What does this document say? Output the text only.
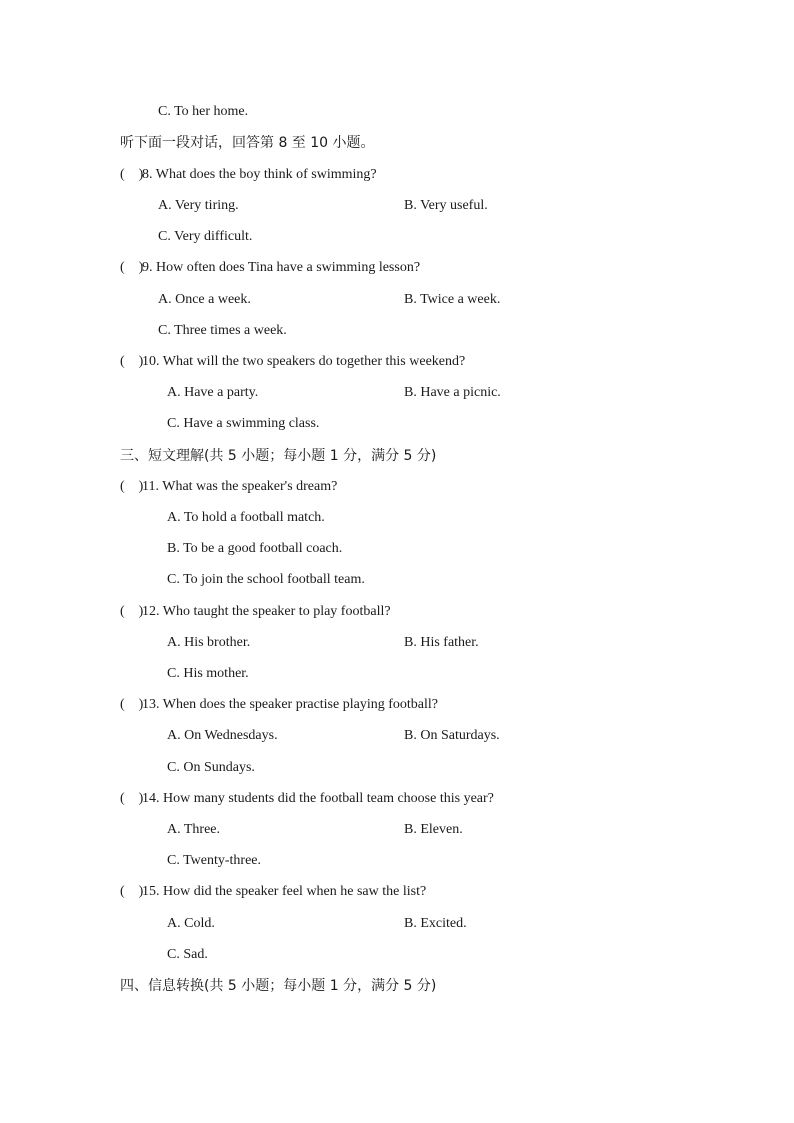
C. To her home.
听下面一段对话，回答第 8 至 10 小题。
(　)8. What does the boy think of swimming?
A. Very tiring.	B. Very useful.
C. Very difficult.
(　)9. How often does Tina have a swimming lesson?
A. Once a week.	B. Twice a week.
C. Three times a week.
(　)10. What will the two speakers do together this weekend?
A. Have a party.	B. Have a picnic.
C. Have a swimming class.
三、短文理解(共 5 小题；每小题 1 分，满分 5 分)
(　)11. What was the speaker's dream?
A. To hold a football match.
B. To be a good football coach.
C. To join the school football team.
(　)12. Who taught the speaker to play football?
A. His brother.	B. His father.
C. His mother.
(　)13. When does the speaker practise playing football?
A. On Wednesdays.	B. On Saturdays.
C. On Sundays.
(　)14. How many students did the football team choose this year?
A. Three.	B. Eleven.
C. Twenty-three.
(　)15. How did the speaker feel when he saw the list?
A. Cold.	B. Excited.
C. Sad.
四、信息转换(共 5 小题；每小题 1 分，满分 5 分)
